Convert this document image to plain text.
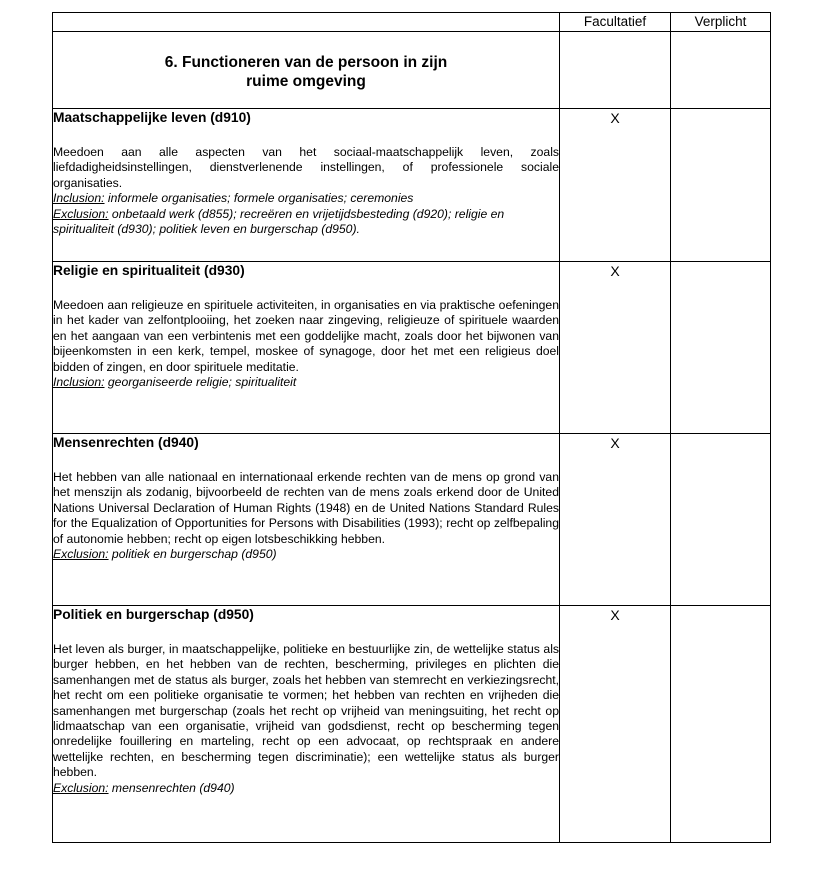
	Facultatief	Verplicht

6. Functioneren van de persoon in zijn
ruime omgeving		

Maatschappelijke leven (d910)
Meedoen aan alle aspecten van het sociaal-maatschappelijk leven, zoals liefdadigheidsinstellingen, dienstverlenende instellingen, of professionele sociale organisaties.
Inclusion: informele organisaties; formele organisaties; ceremonies
Exclusion: onbetaald werk (d855); recreëren en vrijetijdsbesteding (d920); religie en spiritualiteit (d930); politiek leven en burgerschap (d950).	X	

Religie en spiritualiteit (d930)
Meedoen aan religieuze en spirituele activiteiten, in organisaties en via praktische oefeningen in het kader van zelfontplooiing, het zoeken naar zingeving, religieuze of spirituele waarden en het aangaan van een verbintenis met een goddelijke macht, zoals door het bijwonen van bijeenkomsten in een kerk, tempel, moskee of synagoge, door het met een religieus doel bidden of zingen, en door spirituele meditatie.
Inclusion: georganiseerde religie; spiritualiteit	X	

Mensenrechten (d940)
Het hebben van alle nationaal en internationaal erkende rechten van de mens op grond van het menszijn als zodanig, bijvoorbeeld de rechten van de mens zoals erkend door de United Nations Universal Declaration of Human Rights (1948) en de United Nations Standard Rules for the Equalization of Opportunities for Persons with Disabilities (1993); recht op zelfbepaling of autonomie hebben; recht op eigen lotsbeschikking hebben.
Exclusion: politiek en burgerschap (d950)	X	

Politiek en burgerschap (d950)
Het leven als burger, in maatschappelijke, politieke en bestuurlijke zin, de wettelijke status als burger hebben, en het hebben van de rechten, bescherming, privileges en plichten die samenhangen met de status als burger, zoals het hebben van stemrecht en verkiezingsrecht, het recht om een politieke organisatie te vormen; het hebben van rechten en vrijheden die samenhangen met burgerschap (zoals het recht op vrijheid van meningsuiting, het recht op lidmaatschap van een organisatie, vrijheid van godsdienst, recht op bescherming tegen onredelijke fouillering en marteling, recht op een advocaat, op rechtspraak en andere wettelijke rechten, en bescherming tegen discriminatie); een wettelijke status als burger hebben.
Exclusion: mensenrechten (d940)	X	
